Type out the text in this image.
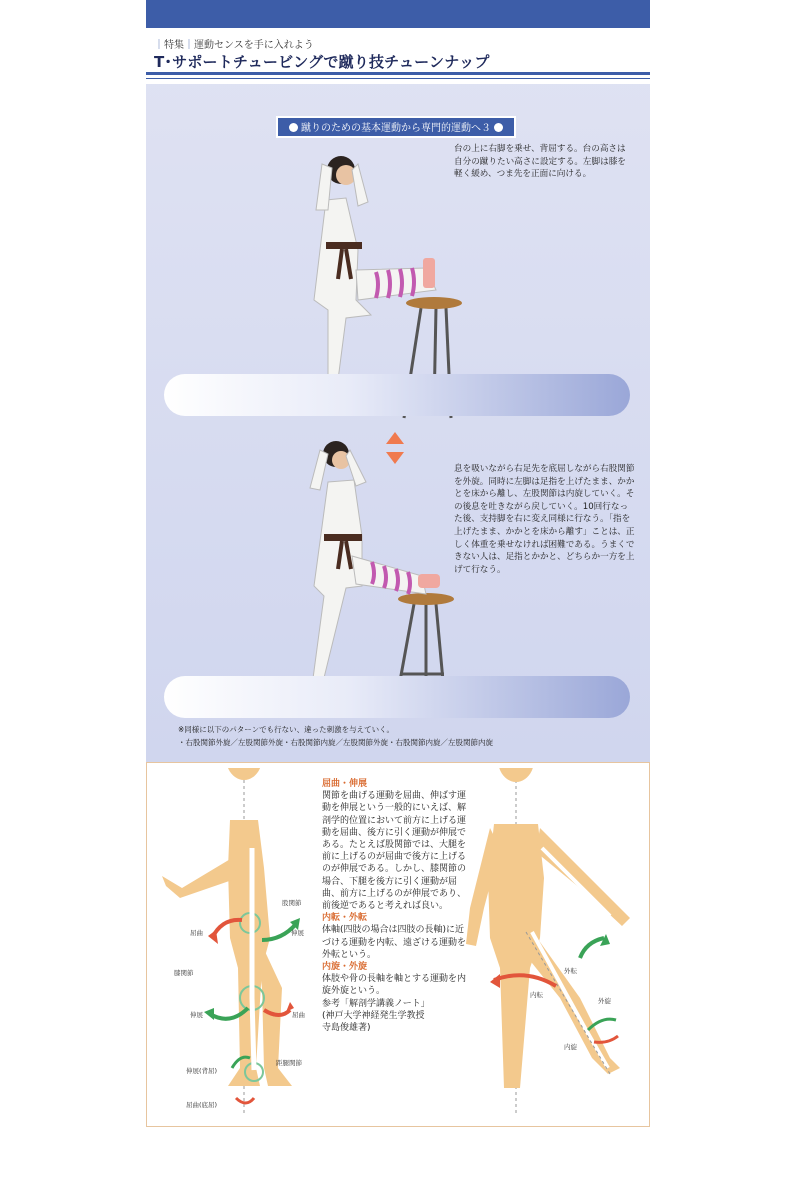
｜特集｜運動センスを手に入れよう
T･サポートチュービングで蹴り技チューンナップ
蹴りのための基本運動から専門的運動へ３
台の上に右脚を乗せ、背屈する。台の高さは自分の蹴りたい高さに設定する。左脚は膝を軽く緩め、つま先を正面に向ける。
息を吸いながら右足先を底屈しながら右股関節を外旋。同時に左脚は足指を上げたまま、かかとを床から離し、左股関節は内旋していく。その後息を吐きながら戻していく。10回行なった後、支持脚を右に変え同様に行なう。「指を上げたまま、かかとを床から離す」ことは、正しく体重を乗せなければ困難である。うまくできない人は、足指とかかと、どちらか一方を上げて行なう。
※同様に以下のパターンでも行ない、違った刺激を与えていく。
・右股関節外旋／左股関節外旋・右股関節内旋／左股関節外旋・右股関節内旋／左股関節内旋
股関節
屈曲	伸展
膝関節
伸展	屈曲
距腿関節
伸展(背屈)
屈曲(底屈)
屈曲・伸展
関節を曲げる運動を屈曲、伸ばす運動を伸展という一般的にいえば、解剖学的位置において前方に上げる運動を屈曲、後方に引く運動が伸展である。たとえば股関節では、大腿を前に上げるのが屈曲で後方に上げるのが伸展である。しかし、膝関節の場合、下腿を後方に引く運動が屈曲、前方に上げるのが伸展であり、前後逆であると考えれば良い。
内転・外転
体軸(四肢の場合は四肢の長軸)に近づける運動を内転、遠ざける運動を外転という。
内旋・外旋
体肢や骨の長軸を軸とする運動を内旋外旋という。
参考「解剖学講義ノート」
(神戸大学神経発生学教授
寺島俊雄著)
外転
内転
外旋
内旋
